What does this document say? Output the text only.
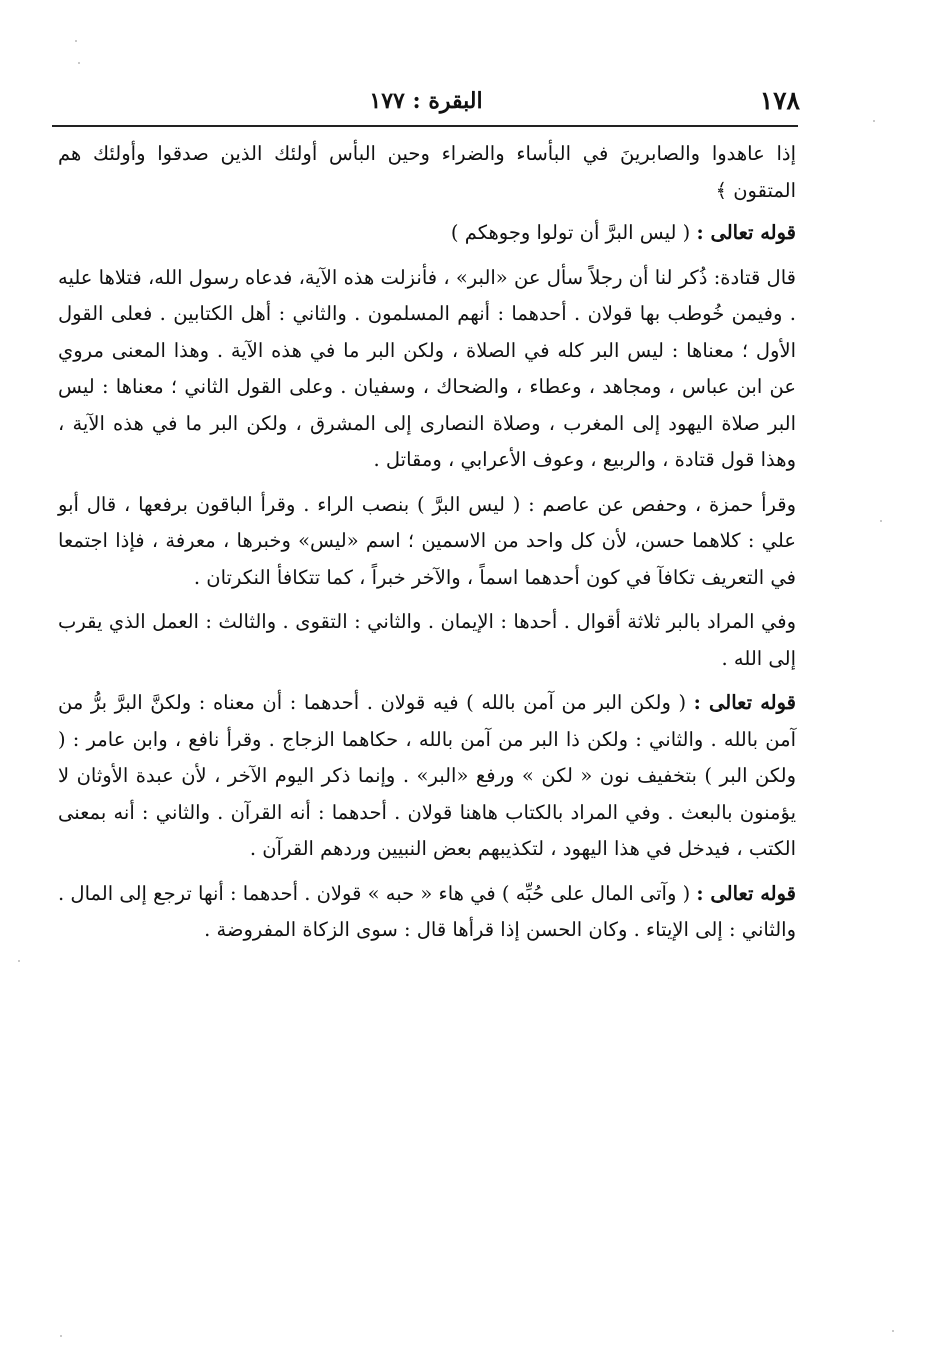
١٧٨
البقرة : ١٧٧

إذا عاهدوا والصابرينَ في البأساء والضراء وحين البأس أولئك الذين صدقوا وأولئك هم المتقون ﴾

قوله تعالى : ( ليس البرَّ أن تولوا وجوهكم )

قال قتادة: ذُكر لنا أن رجلاً سأل عن «البر» ، فأنزلت هذه الآية، فدعاه رسول الله، فتلاها عليه . وفيمن خُوطب بها قولان . أحدهما : أنهم المسلمون . والثاني : أهل الكتابين . فعلى القول الأول ؛ معناها : ليس البر كله في الصلاة ، ولكن البر ما في هذه الآية . وهذا المعنى مروي عن ابن عباس ، ومجاهد ، وعطاء ، والضحاك ، وسفيان . وعلى القول الثاني ؛ معناها : ليس البر صلاة اليهود إلى المغرب ، وصلاة النصارى إلى المشرق ، ولكن البر ما في هذه الآية ، وهذا قول قتادة ، والربيع ، وعوف الأعرابي ، ومقاتل .

وقرأ حمزة ، وحفص عن عاصم : ( ليس البرَّ ) بنصب الراء . وقرأ الباقون برفعها ، قال أبو علي : كلاهما حسن، لأن كل واحد من الاسمين ؛ اسم «ليس» وخبرها ، معرفة ، فإذا اجتمعا في التعريف تكافآ في كون أحدهما اسماً ، والآخر خبراً ، كما تتكافأ النكرتان .

وفي المراد بالبر ثلاثة أقوال . أحدها : الإيمان . والثاني : التقوى . والثالث : العمل الذي يقرب إلى الله .

قوله تعالى : ( ولكن البر من آمن بالله ) فيه قولان . أحدهما : أن معناه : ولكنَّ البرَّ برُّ من آمن بالله . والثاني : ولكن ذا البر من آمن بالله ، حكاهما الزجاج . وقرأ نافع ، وابن عامر : ( ولكن البر ) بتخفيف نون « لكن » ورفع «البر» . وإنما ذكر اليوم الآخر ، لأن عبدة الأوثان لا يؤمنون بالبعث . وفي المراد بالكتاب هاهنا قولان . أحدهما : أنه القرآن . والثاني : أنه بمعنى الكتب ، فيدخل في هذا اليهود ، لتكذيبهم بعض النبيين وردهم القرآن .

قوله تعالى : ( وآتى المال على حُبِّه ) في هاء « حبه » قولان . أحدهما : أنها ترجع إلى المال . والثاني : إلى الإيتاء . وكان الحسن إذا قرأها قال : سوى الزكاة المفروضة .
